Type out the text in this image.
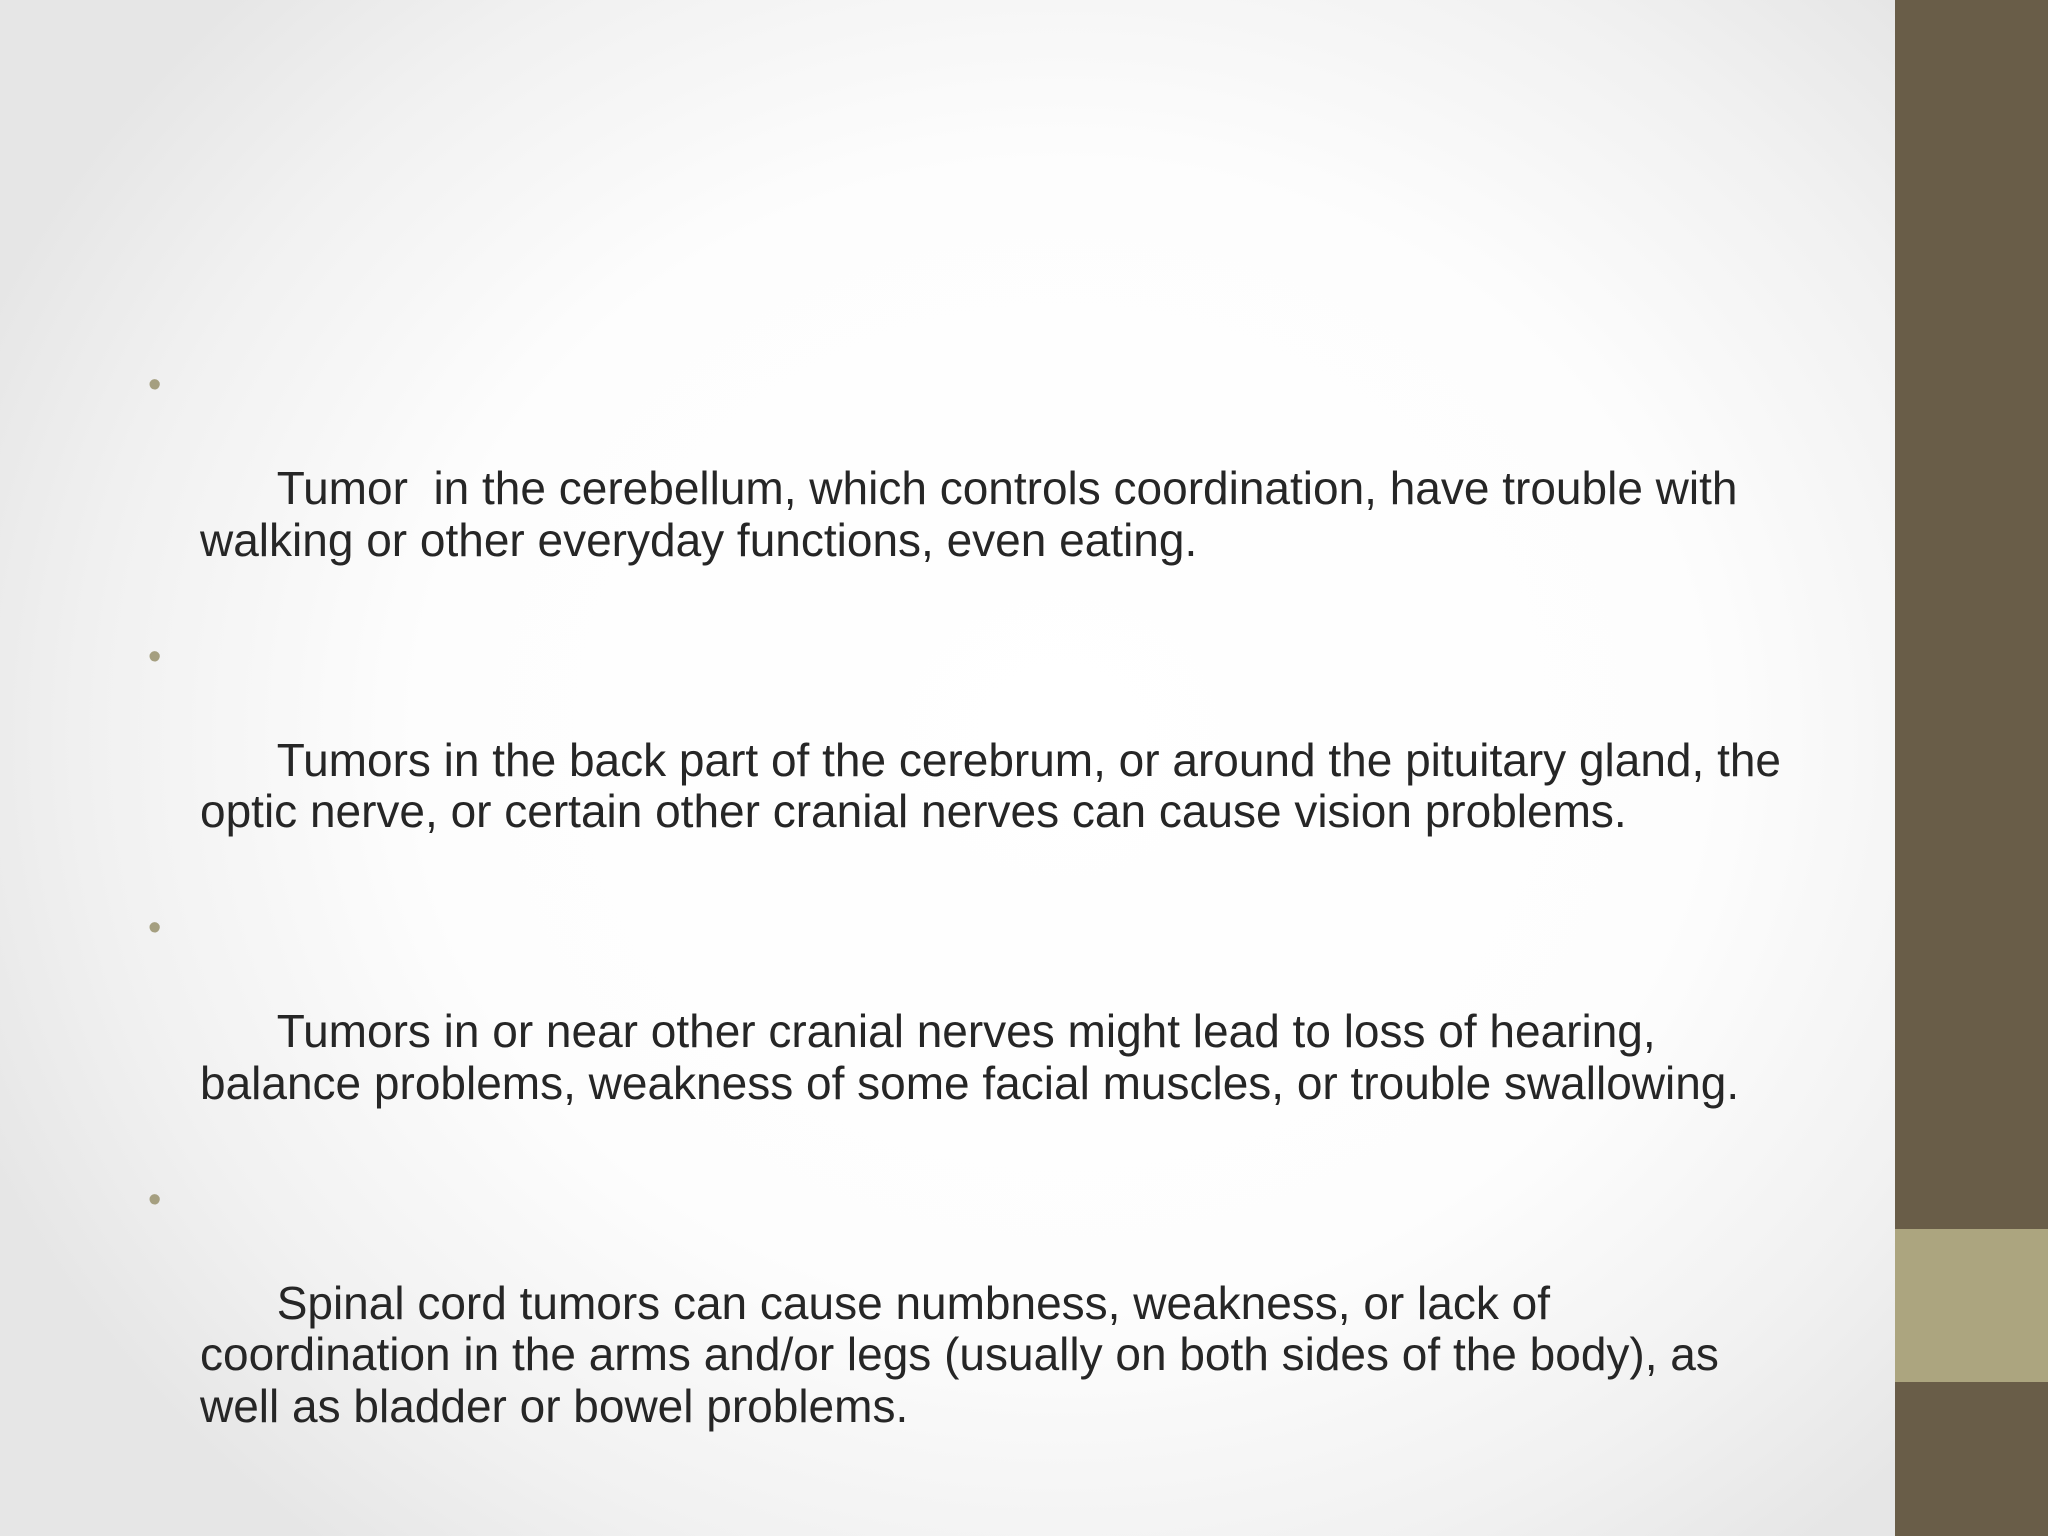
•

Tumor  in the cerebellum, which controls coordination, have trouble with walking or other everyday functions, even eating.

•

Tumors in the back part of the cerebrum, or around the pituitary gland, the optic nerve, or certain other cranial nerves can cause vision problems.

•

Tumors in or near other cranial nerves might lead to loss of hearing, balance problems, weakness of some facial muscles, or trouble swallowing.

•

Spinal cord tumors can cause numbness, weakness, or lack of coordination in the arms and/or legs (usually on both sides of the body), as well as bladder or bowel problems.
